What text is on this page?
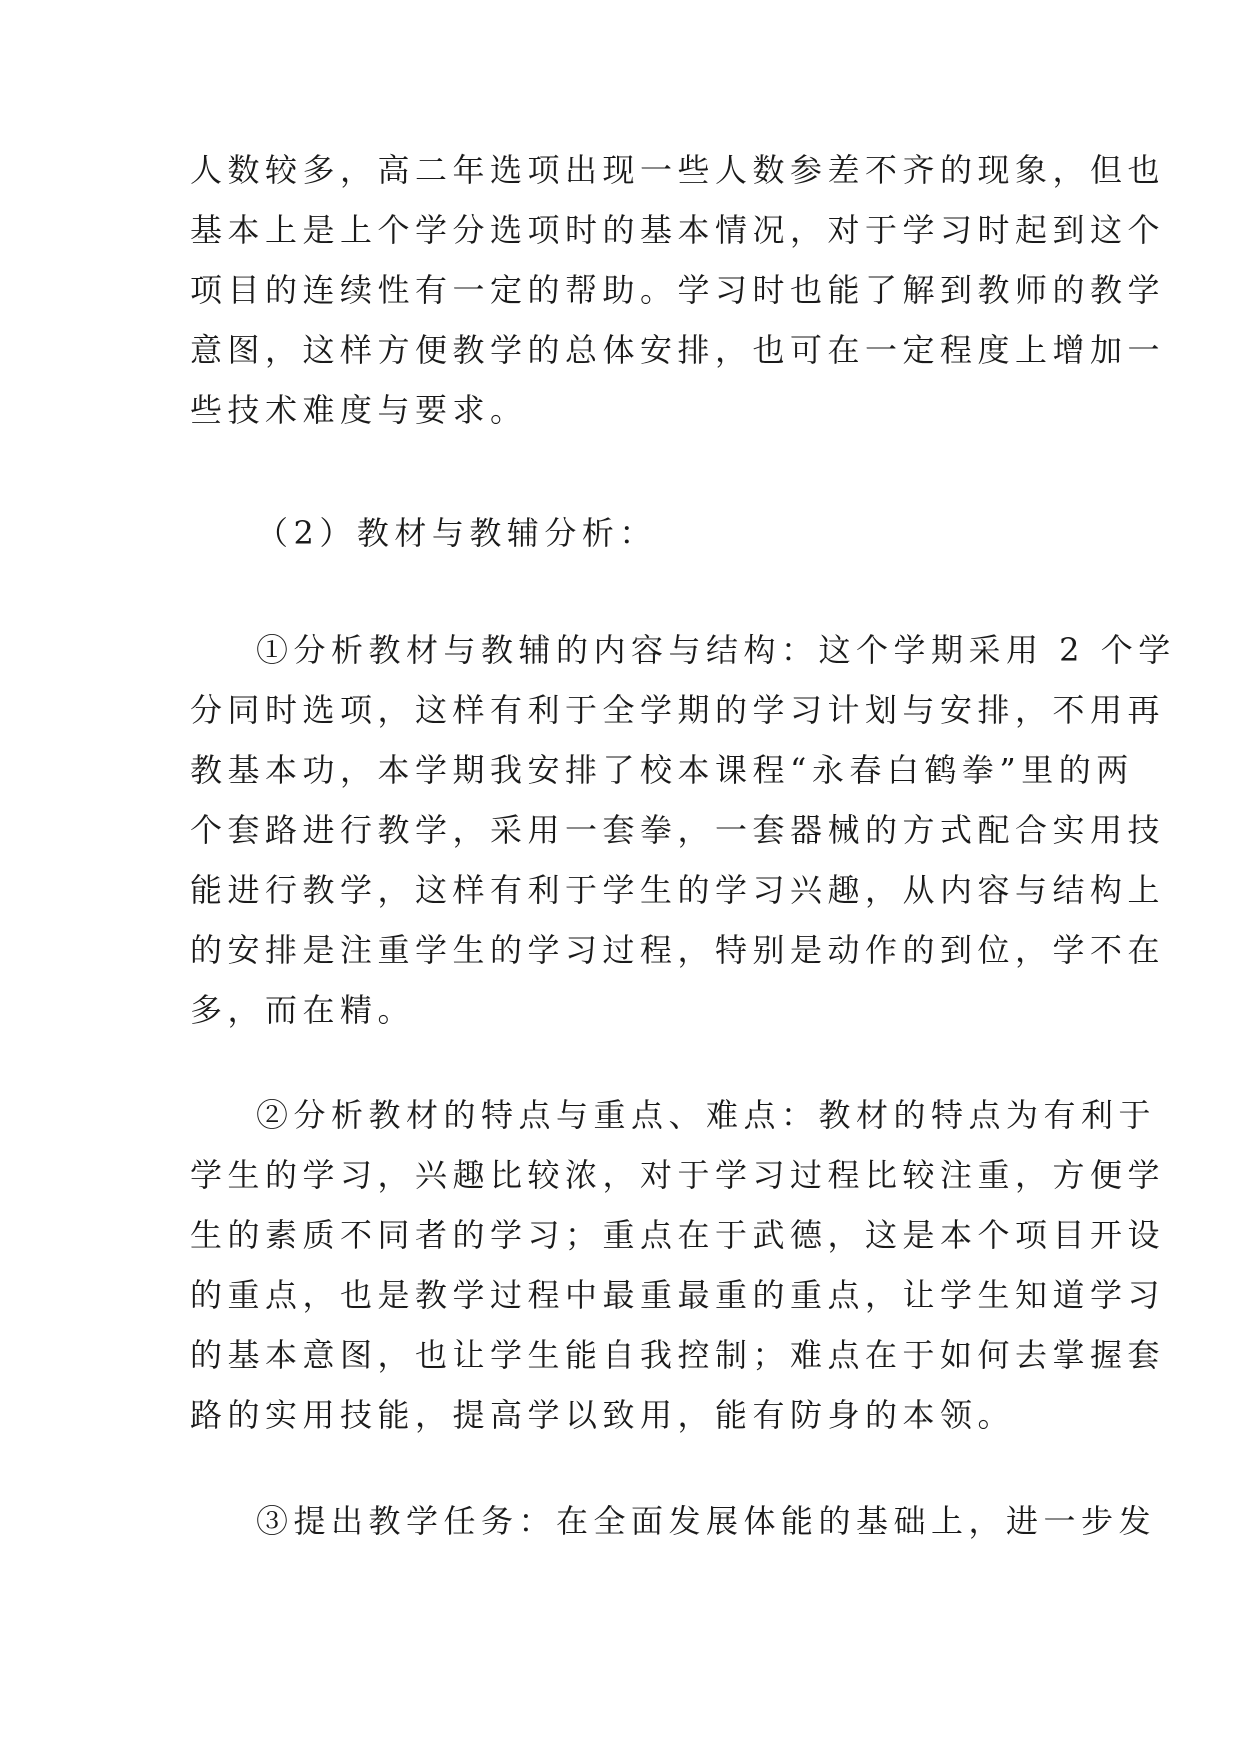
人数较多，高二年选项出现一些人数参差不齐的现象，但也
基本上是上个学分选项时的基本情况，对于学习时起到这个
项目的连续性有一定的帮助。学习时也能了解到教师的教学
意图，这样方便教学的总体安排，也可在一定程度上增加一
些技术难度与要求。
（2）教材与教辅分析：
①分析教材与教辅的内容与结构：这个学期采用 2 个学
分同时选项，这样有利于全学期的学习计划与安排，不用再
教基本功，本学期我安排了校本课程“永春白鹤拳”里的两
个套路进行教学，采用一套拳，一套器械的方式配合实用技
能进行教学，这样有利于学生的学习兴趣，从内容与结构上
的安排是注重学生的学习过程，特别是动作的到位，学不在
多，而在精。
②分析教材的特点与重点、难点：教材的特点为有利于
学生的学习，兴趣比较浓，对于学习过程比较注重，方便学
生的素质不同者的学习；重点在于武德，这是本个项目开设
的重点，也是教学过程中最重最重的重点，让学生知道学习
的基本意图，也让学生能自我控制；难点在于如何去掌握套
路的实用技能，提高学以致用，能有防身的本领。
③提出教学任务：在全面发展体能的基础上，进一步发
